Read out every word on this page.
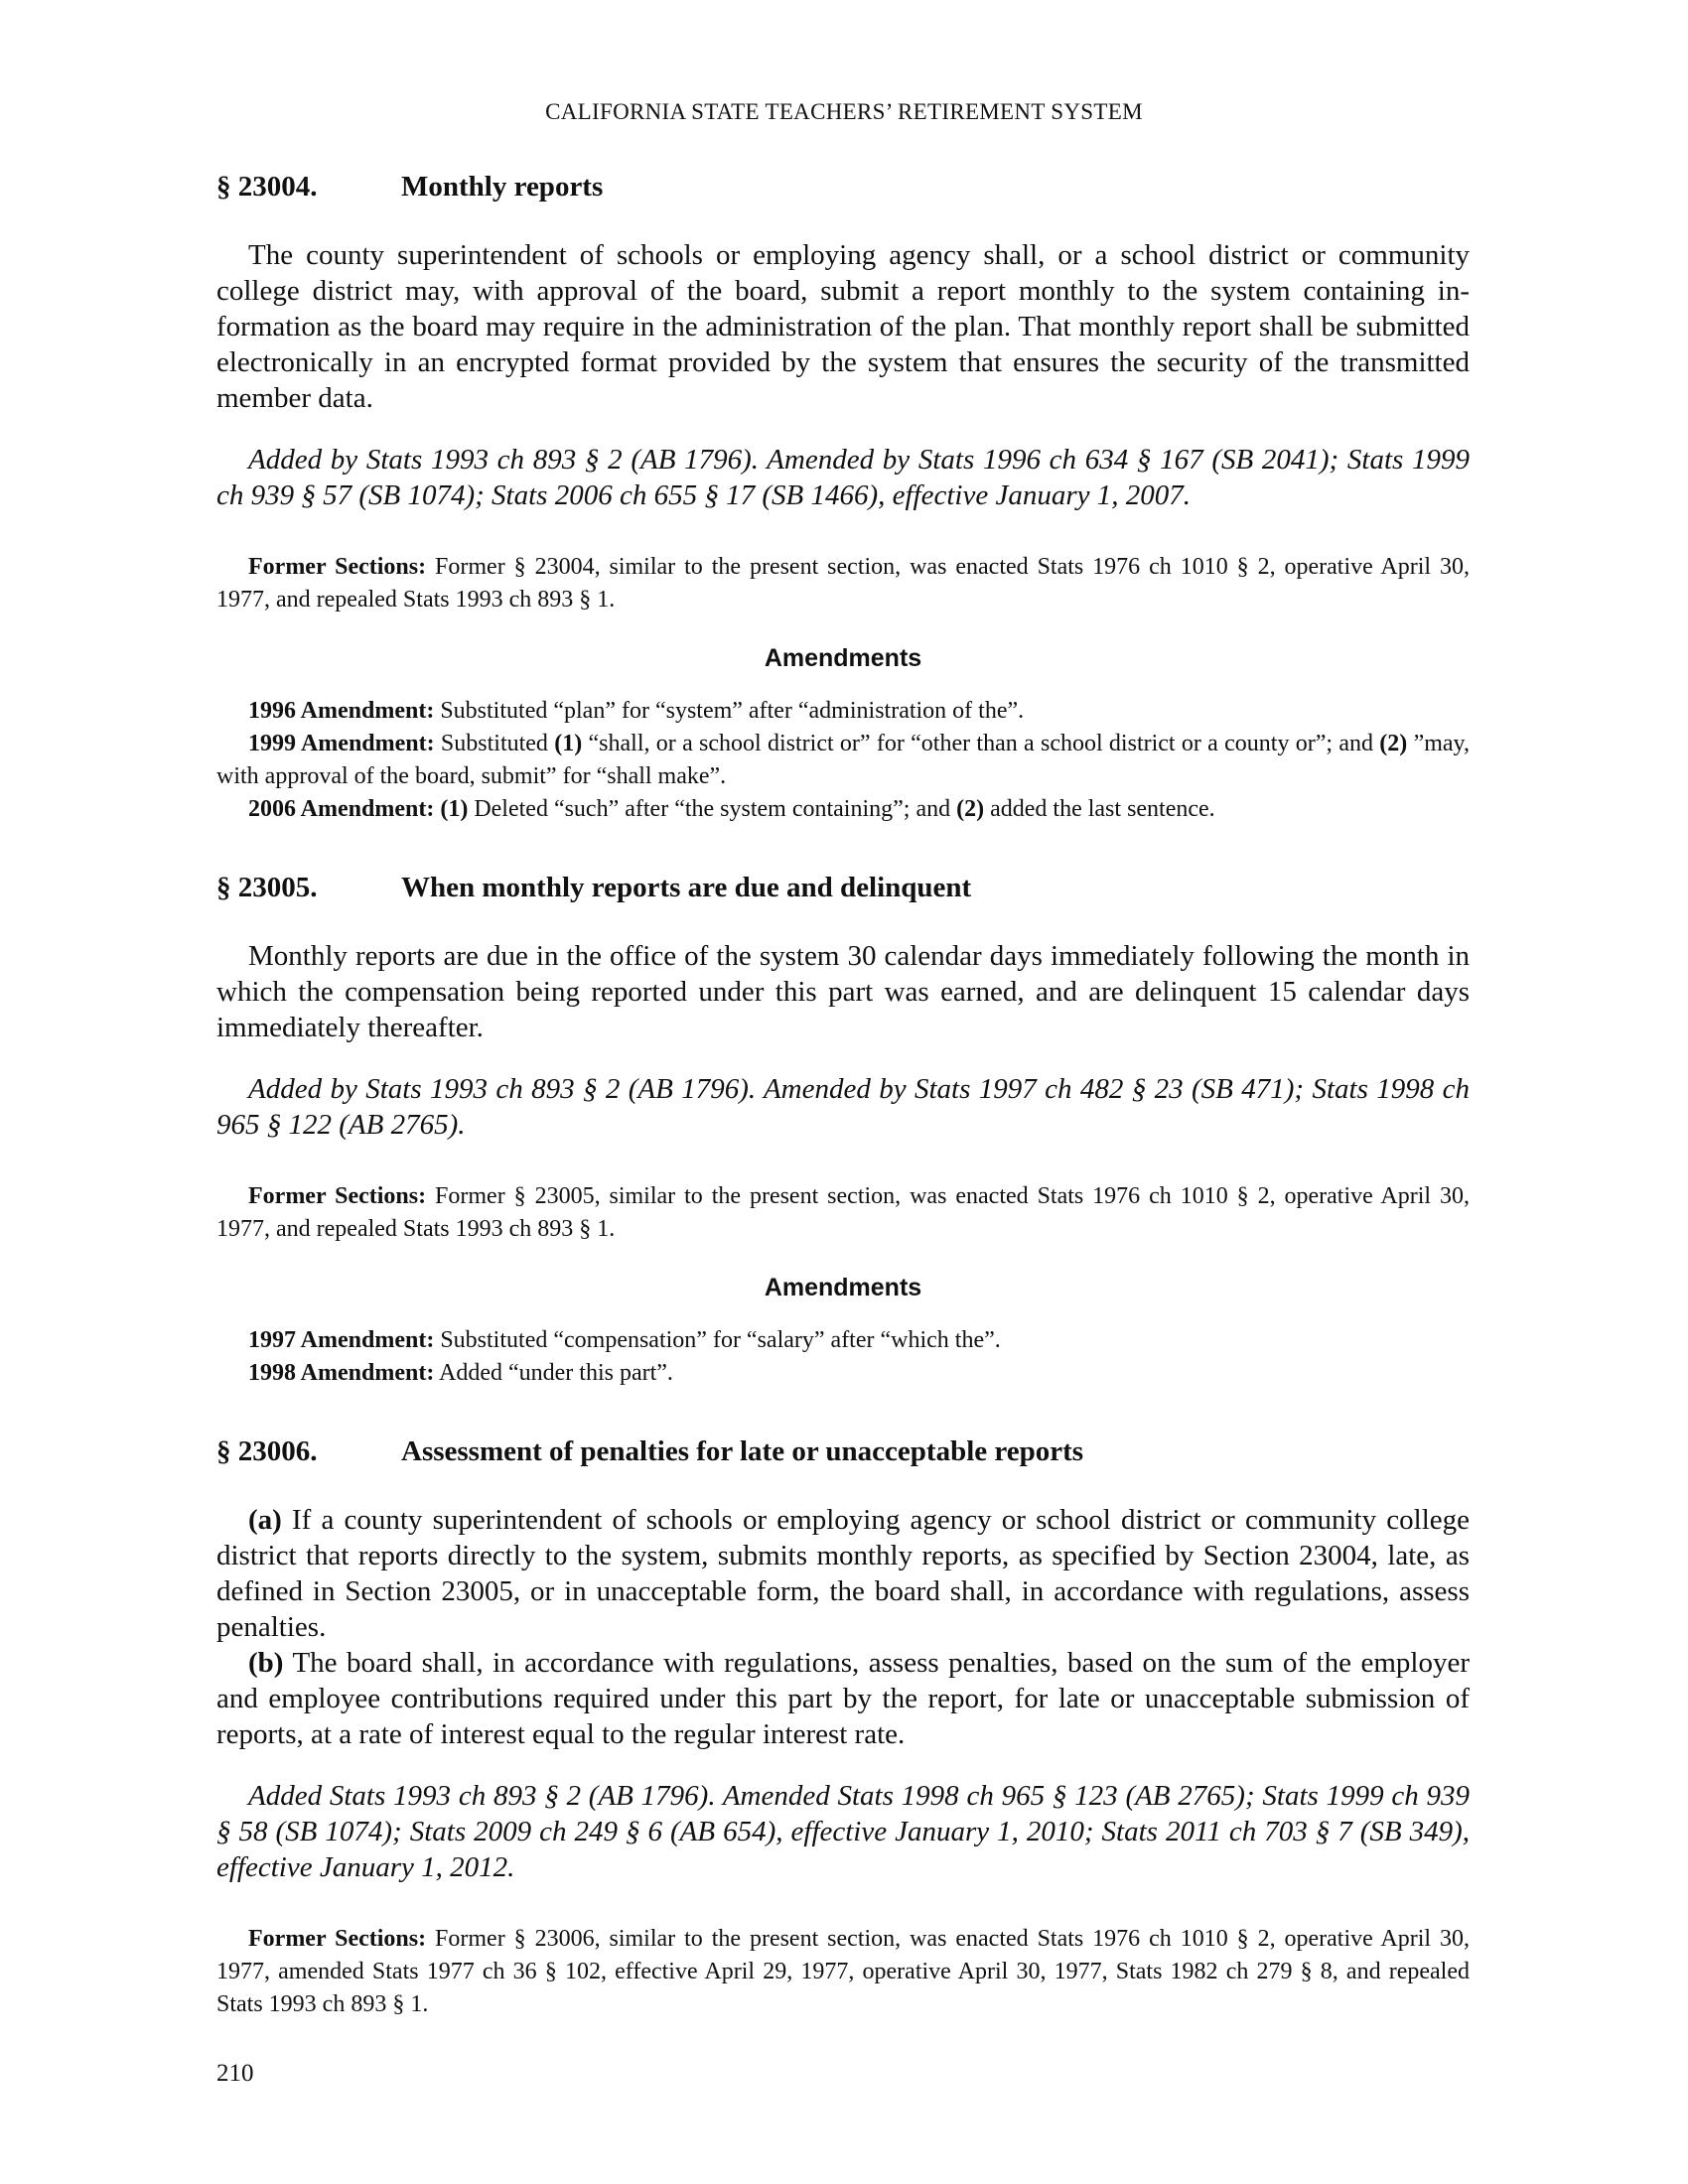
CALIFORNIA STATE TEACHERS’ RETIREMENT SYSTEM
§ 23004.	Monthly reports

The county superintendent of schools or employing agency shall, or a school district or community college district may, with approval of the board, submit a report monthly to the system containing information as the board may require in the administration of the plan. That monthly report shall be submitted electronically in an encrypted format provided by the system that ensures the security of the transmitted member data.

Added by Stats 1993 ch 893 § 2 (AB 1796). Amended by Stats 1996 ch 634 § 167 (SB 2041); Stats 1999 ch 939 § 57 (SB 1074); Stats 2006 ch 655 § 17 (SB 1466), effective January 1, 2007.

Former Sections: Former § 23004, similar to the present section, was enacted Stats 1976 ch 1010 § 2, operative April 30, 1977, and repealed Stats 1993 ch 893 § 1.

Amendments

1996 Amendment: Substituted “plan” for “system” after “administration of the”.

1999 Amendment: Substituted (1) “shall, or a school district or” for “other than a school district or a county or”; and (2) ”may, with approval of the board, submit” for “shall make”.

2006 Amendment: (1) Deleted “such” after “the system containing”; and (2) added the last sentence.

§ 23005.	When monthly reports are due and delinquent

Monthly reports are due in the office of the system 30 calendar days immediately following the month in which the compensation being reported under this part was earned, and are delinquent 15 calendar days immediately thereafter.

Added by Stats 1993 ch 893 § 2 (AB 1796). Amended by Stats 1997 ch 482 § 23 (SB 471); Stats 1998 ch 965 § 122 (AB 2765).

Former Sections: Former § 23005, similar to the present section, was enacted Stats 1976 ch 1010 § 2, operative April 30, 1977, and repealed Stats 1993 ch 893 § 1.

Amendments

1997 Amendment: Substituted “compensation” for “salary” after “which the”.

1998 Amendment: Added “under this part”.

§ 23006.	Assessment of penalties for late or unacceptable reports

(a) If a county superintendent of schools or employing agency or school district or community college district that reports directly to the system, submits monthly reports, as specified by Section 23004, late, as defined in Section 23005, or in unacceptable form, the board shall, in accordance with regulations, assess penalties.

(b) The board shall, in accordance with regulations, assess penalties, based on the sum of the employer and employee contributions required under this part by the report, for late or unacceptable submission of reports, at a rate of interest equal to the regular interest rate.

Added Stats 1993 ch 893 § 2 (AB 1796). Amended Stats 1998 ch 965 § 123 (AB 2765); Stats 1999 ch 939 § 58 (SB 1074); Stats 2009 ch 249 § 6 (AB 654), effective January 1, 2010; Stats 2011 ch 703 § 7 (SB 349), effective January 1, 2012.

Former Sections: Former § 23006, similar to the present section, was enacted Stats 1976 ch 1010 § 2, operative April 30, 1977, amended Stats 1977 ch 36 § 102, effective April 29, 1977, operative April 30, 1977, Stats 1982 ch 279 § 8, and repealed Stats 1993 ch 893 § 1.

210
